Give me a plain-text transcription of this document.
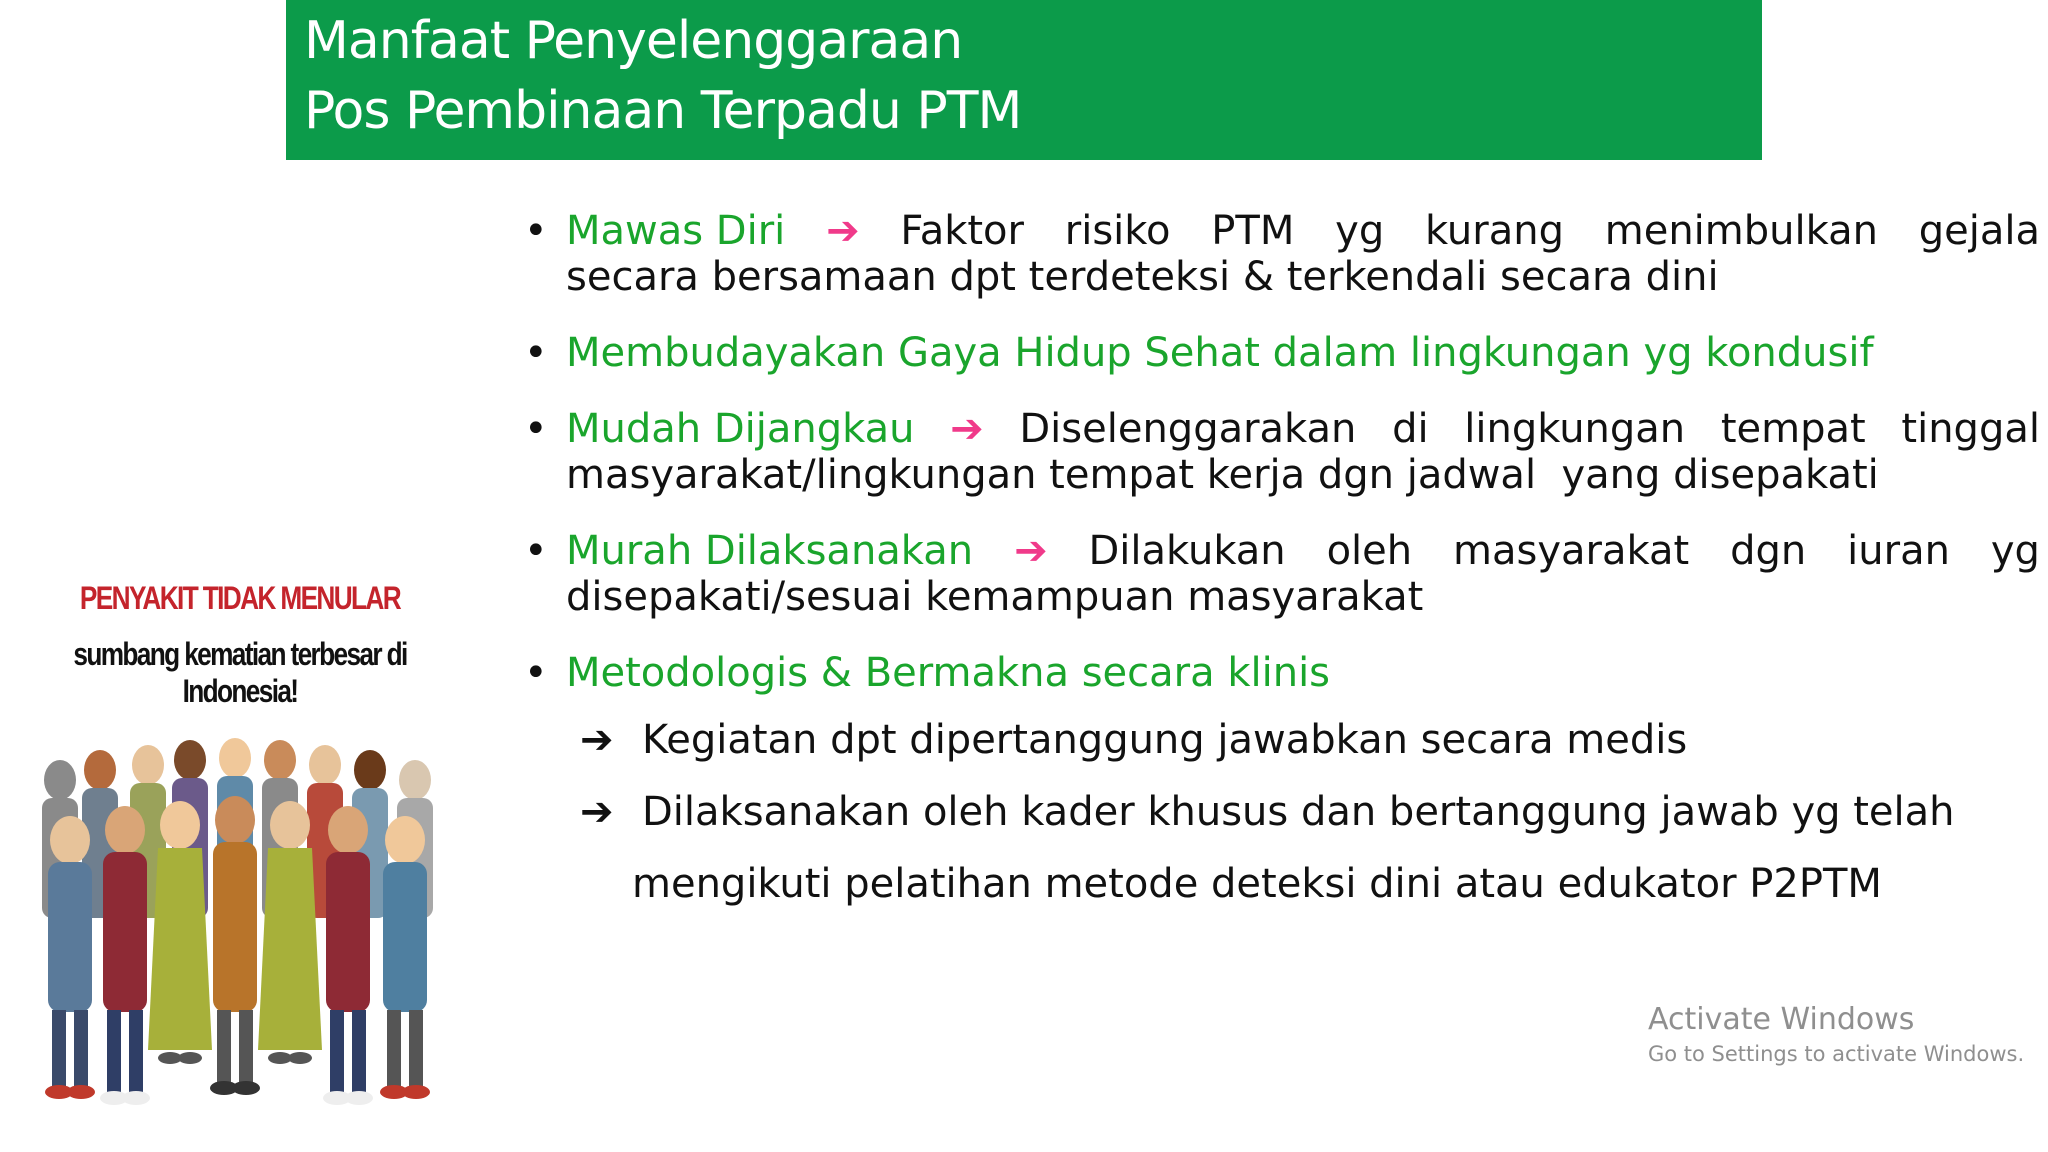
Manfaat Penyelenggaraan
Pos Pembinaan Terpadu PTM
• Mawas Diri ➔ Faktor risiko PTM yg kurang menimbulkan gejala
secara bersamaan dpt terdeteksi & terkendali secara dini
• Membudayakan Gaya Hidup Sehat dalam lingkungan yg kondusif
• Mudah Dijangkau ➔ Diselenggarakan di lingkungan tempat tinggal
masyarakat/lingkungan tempat kerja dgn jadwal  yang disepakati
• Murah Dilaksanakan ➔ Dilakukan oleh masyarakat dgn iuran yg
disepakati/sesuai kemampuan masyarakat
• Metodologis & Bermakna secara klinis
➔ Kegiatan dpt dipertanggung jawabkan secara medis
➔ Dilaksanakan oleh kader khusus dan bertanggung jawab yg telah
mengikuti pelatihan metode deteksi dini atau edukator P2PTM
PENYAKIT TIDAK MENULAR
sumbang kematian terbesar di Indonesia!
Activate Windows
Go to Settings to activate Windows.
